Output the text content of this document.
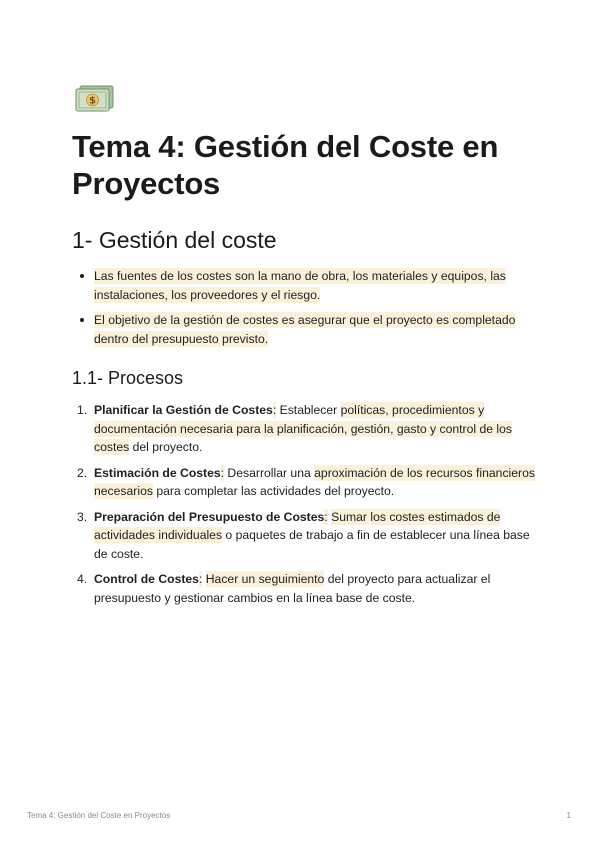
$
Tema 4: Gestión del Coste en Proyectos
1- Gestión del coste
Las fuentes de los costes son la mano de obra, los materiales y equipos, las instalaciones, los proveedores y el riesgo.
El objetivo de la gestión de costes es asegurar que el proyecto es completado dentro del presupuesto previsto.
1.1- Procesos
1. Planificar la Gestión de Costes: Establecer políticas, procedimientos y documentación necesaria para la planificación, gestión, gasto y control de los costes del proyecto.
2. Estimación de Costes: Desarrollar una aproximación de los recursos financieros necesarios para completar las actividades del proyecto.
3. Preparación del Presupuesto de Costes: Sumar los costes estimados de actividades individuales o paquetes de trabajo a fin de establecer una línea base de coste.
4. Control de Costes: Hacer un seguimiento del proyecto para actualizar el presupuesto y gestionar cambios en la línea base de coste.
Tema 4: Gestión del Coste en Proyectos	1
